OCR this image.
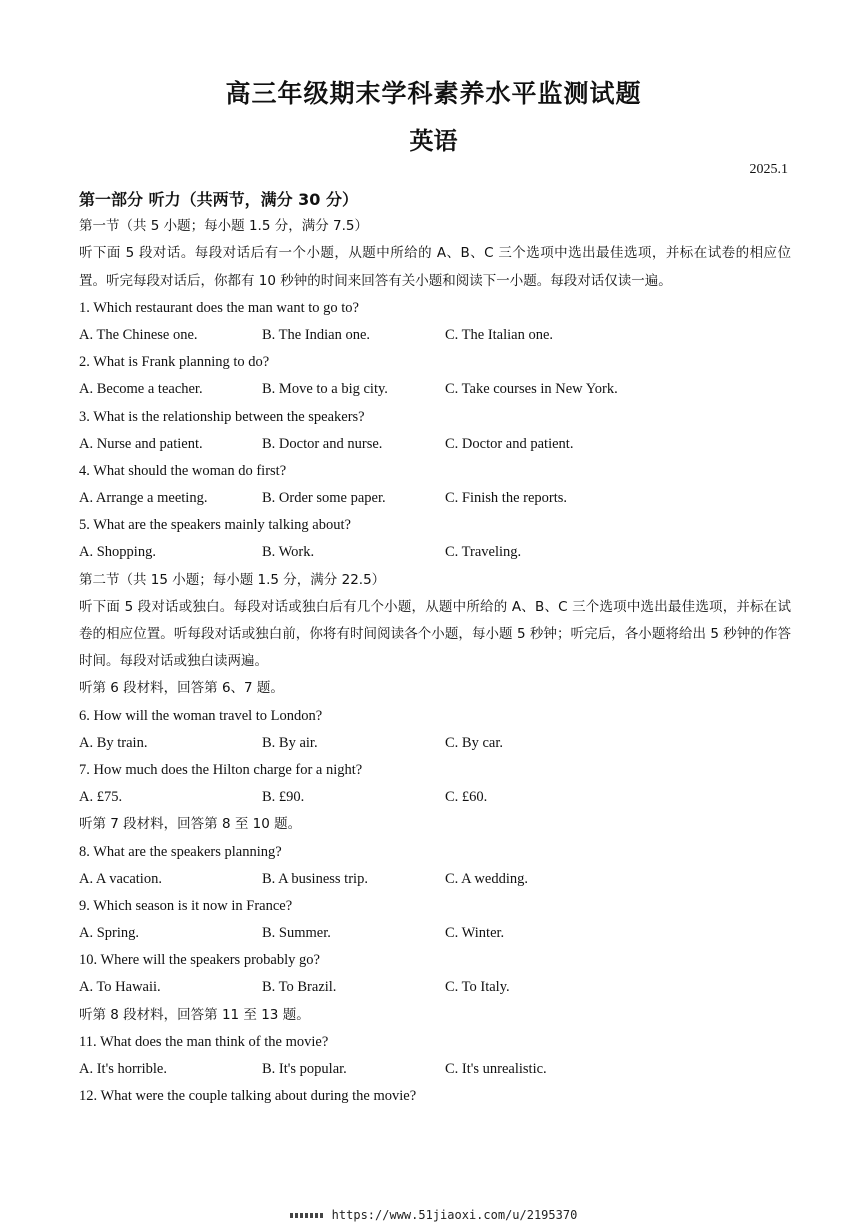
高三年级期末学科素养水平监测试题
英语
2025.1
第一部分 听力（共两节，满分 30 分）
第一节（共 5 小题；每小题 1.5 分，满分 7.5）
听下面 5 段对话。每段对话后有一个小题，从题中所给的 A、B、C 三个选项中选出最佳选项，并标在试卷的相应位置。听完每段对话后，你都有 10 秒钟的时间来回答有关小题和阅读下一小题。每段对话仅读一遍。
1. Which restaurant does the man want to go to?
A. The Chinese one.	B. The Indian one.	C. The Italian one.
2. What is Frank planning to do?
A. Become a teacher.	B. Move to a big city.	C. Take courses in New York.
3. What is the relationship between the speakers?
A. Nurse and patient.	B. Doctor and nurse.	C. Doctor and patient.
4. What should the woman do first?
A. Arrange a meeting.	B. Order some paper.	C. Finish the reports.
5. What are the speakers mainly talking about?
A. Shopping.	B. Work.	C. Traveling.
第二节（共 15 小题；每小题 1.5 分，满分 22.5）
听下面 5 段对话或独白。每段对话或独白后有几个小题，从题中所给的 A、B、C 三个选项中选出最佳选项，并标在试卷的相应位置。听每段对话或独白前，你将有时间阅读各个小题，每小题 5 秒钟；听完后，各小题将给出 5 秒钟的作答时间。每段对话或独白读两遍。
听第 6 段材料，回答第 6、7 题。
6. How will the woman travel to London?
A. By train.	B. By air.	C. By car.
7. How much does the Hilton charge for a night?
A. £75.	B. £90.	C. £60.
听第 7 段材料，回答第 8 至 10 题。
8. What are the speakers planning?
A. A vacation.	B. A business trip.	C. A wedding.
9. Which season is it now in France?
A. Spring.	B. Summer.	C. Winter.
10. Where will the speakers probably go?
A. To Hawaii.	B. To Brazil.	C. To Italy.
听第 8 段材料，回答第 11 至 13 题。
11. What does the man think of the movie?
A. It's horrible.	B. It's popular.	C. It's unrealistic.
12. What were the couple talking about during the movie?
https://www.51jiaoxi.com/u/2195370
